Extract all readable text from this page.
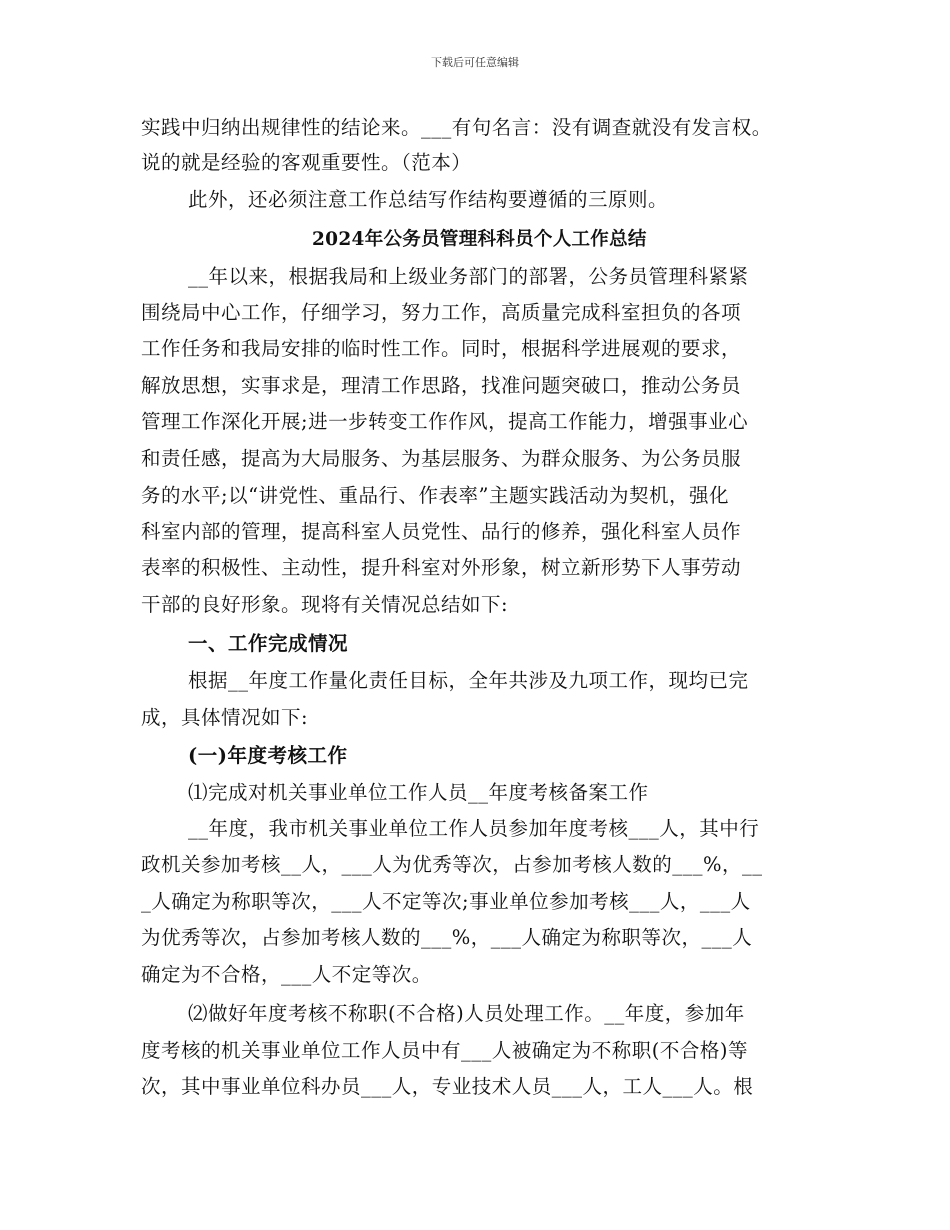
下载后可任意编辑
实践中归纳出规律性的结论来。___有句名言：没有调查就没有发言权。
说的就是经验的客观重要性。（范本）
此外，还必须注意工作总结写作结构要遵循的三原则。
2024年公务员管理科科员个人工作总结
__年以来，根据我局和上级业务部门的部署，公务员管理科紧紧
围绕局中心工作，仔细学习，努力工作，高质量完成科室担负的各项
工作任务和我局安排的临时性工作。同时，根据科学进展观的要求，
解放思想，实事求是，理清工作思路，找准问题突破口，推动公务员
管理工作深化开展;进一步转变工作作风，提高工作能力，增强事业心
和责任感，提高为大局服务、为基层服务、为群众服务、为公务员服
务的水平;以“讲党性、重品行、作表率”主题实践活动为契机，强化
科室内部的管理，提高科室人员党性、品行的修养，强化科室人员作
表率的积极性、主动性，提升科室对外形象，树立新形势下人事劳动
干部的良好形象。现将有关情况总结如下:
一、工作完成情况
根据__年度工作量化责任目标，全年共涉及九项工作，现均已完
成，具体情况如下:
(一)年度考核工作
⑴完成对机关事业单位工作人员__年度考核备案工作
__年度，我市机关事业单位工作人员参加年度考核___人，其中行
政机关参加考核__人，___人为优秀等次，占参加考核人数的___%，__
_人确定为称职等次，___人不定等次;事业单位参加考核___人，___人
为优秀等次，占参加考核人数的___%，___人确定为称职等次，___人
确定为不合格，___人不定等次。
⑵做好年度考核不称职(不合格)人员处理工作。__年度，参加年
度考核的机关事业单位工作人员中有___人被确定为不称职(不合格)等
次，其中事业单位科办员___人，专业技术人员___人，工人___人。根
